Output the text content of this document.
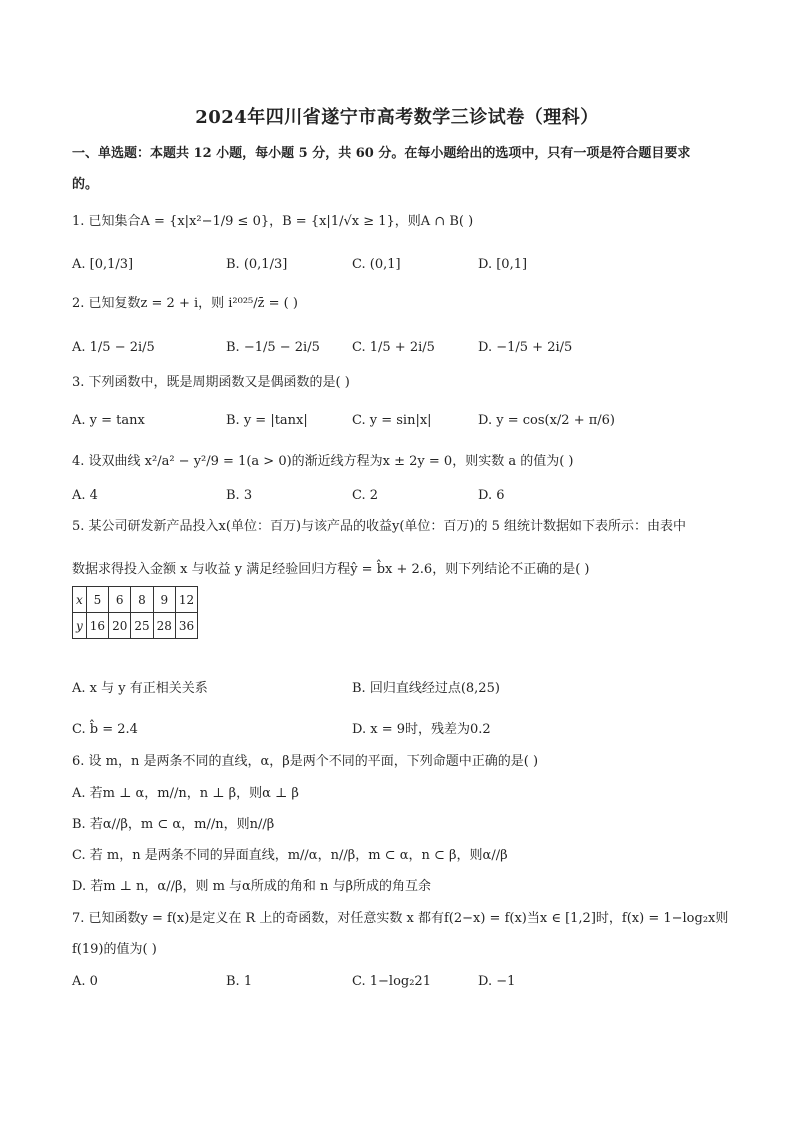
2024年四川省遂宁市高考数学三诊试卷（理科）
一、单选题：本题共 12 小题，每小题 5 分，共 60 分。在每小题给出的选项中，只有一项是符合题目要求
的。
1. 已知集合A = {x|x²−1/9 ≤ 0}，B = {x|1/√x ≥ 1}，则A ∩ B( )
A. [0,1/3]	B. (0,1/3]	C. (0,1]	D. [0,1]
2. 已知复数z = 2 + i，则 i²⁰²⁵/z̄ = ( )
A. 1/5 − 2i/5	B. −1/5 − 2i/5 C. 1/5 + 2i/5	D. −1/5 + 2i/5
3. 下列函数中，既是周期函数又是偶函数的是( )
A. y = tanx	B. y = |tanx|	C. y = sin|x|	D. y = cos(x/2 + π/6)
4. 设双曲线 x²/a² − y²/9 = 1(a > 0)的渐近线方程为x ± 2y = 0，则实数 a 的值为( )
A. 4	B. 3	C. 2	D. 6
5. 某公司研发新产品投入x(单位：百万)与该产品的收益y(单位：百万)的 5 组统计数据如下表所示：由表中
数据求得投入金额 x 与收益 y 满足经验回归方程ŷ = b̂x + 2.6，则下列结论不正确的是( )
x	5	6	8	9	12
y	16	20	25	28	36
A. x 与 y 有正相关关系	B. 回归直线经过点(8,25)
C. b̂ = 2.4	D. x = 9时，残差为0.2
6. 设 m，n 是两条不同的直线，α，β是两个不同的平面，下列命题中正确的是( )
A. 若m ⊥ α，m//n，n ⊥ β，则α ⊥ β
B. 若α//β，m ⊂ α，m//n，则n//β
C. 若 m，n 是两条不同的异面直线，m//α，n//β，m ⊂ α，n ⊂ β，则α//β
D. 若m ⊥ n，α//β，则 m 与α所成的角和 n 与β所成的角互余
7. 已知函数y = f(x)是定义在 R 上的奇函数，对任意实数 x 都有f(2−x) = f(x)当x ∈ [1,2]时，f(x) = 1−log₂x则
f(19)的值为( )
A. 0	B. 1	C. 1−log₂21	D. −1
